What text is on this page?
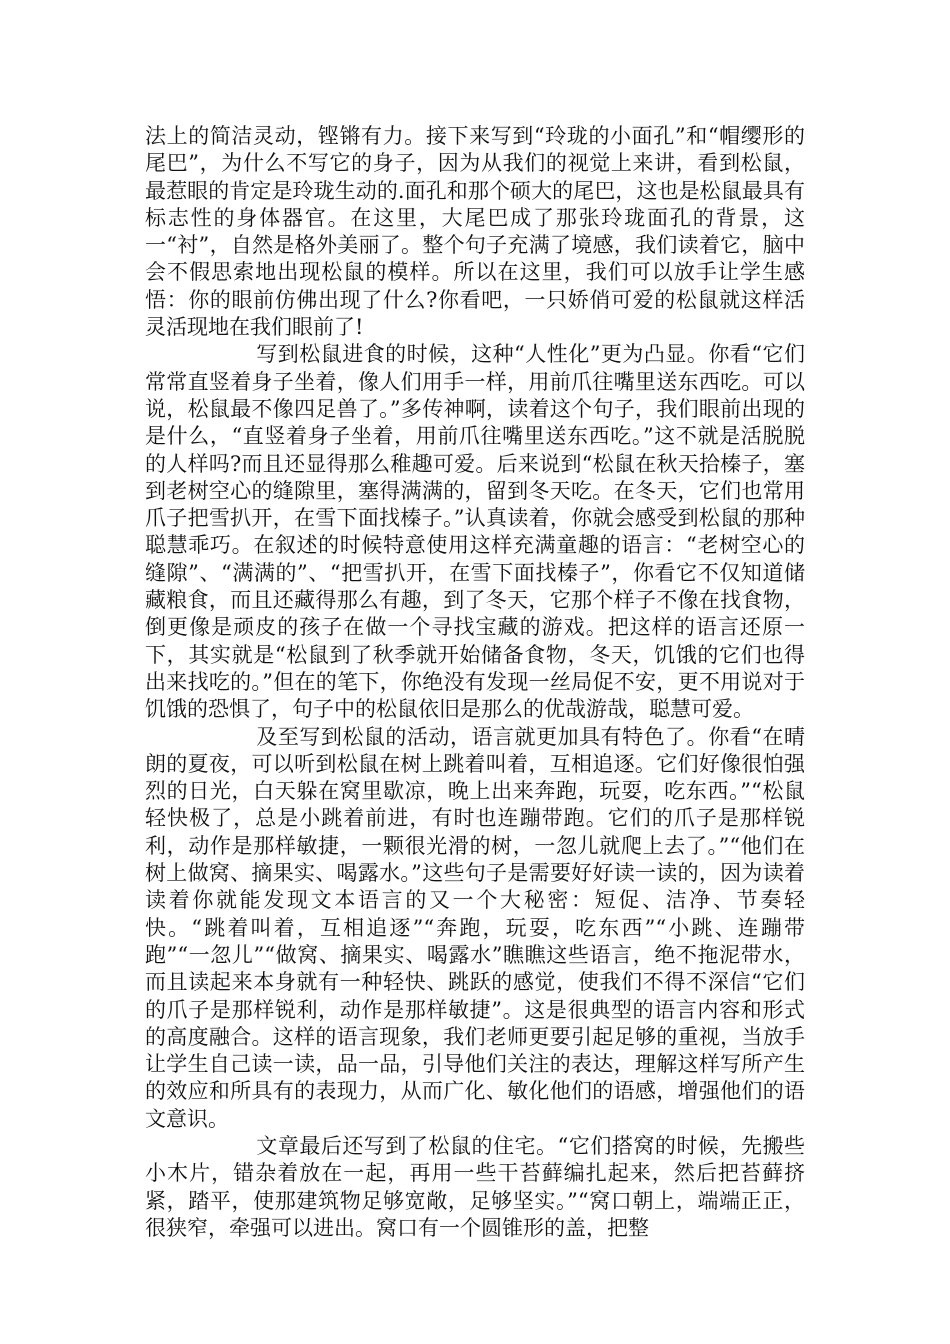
法上的简洁灵动，铿锵有力。接下来写到“玲珑的小面孔”和“帽缨形的尾巴”，为什么不写它的身子，因为从我们的视觉上来讲，看到松鼠，最惹眼的肯定是玲珑生动的.面孔和那个硕大的尾巴，这也是松鼠最具有标志性的身体器官。在这里，大尾巴成了那张玲珑面孔的背景，这一“衬”，自然是格外美丽了。整个句子充满了境感，我们读着它，脑中会不假思索地出现松鼠的模样。所以在这里，我们可以放手让学生感悟：你的眼前仿佛出现了什么?你看吧，一只娇俏可爱的松鼠就这样活灵活现地在我们眼前了!

写到松鼠进食的时候，这种“人性化”更为凸显。你看“它们常常直竖着身子坐着，像人们用手一样，用前爪往嘴里送东西吃。可以说，松鼠最不像四足兽了。”多传神啊，读着这个句子，我们眼前出现的是什么，“直竖着身子坐着，用前爪往嘴里送东西吃。”这不就是活脱脱的人样吗?而且还显得那么稚趣可爱。后来说到“松鼠在秋天拾榛子，塞到老树空心的缝隙里，塞得满满的，留到冬天吃。在冬天，它们也常用爪子把雪扒开，在雪下面找榛子。”认真读着，你就会感受到松鼠的那种聪慧乖巧。在叙述的时候特意使用这样充满童趣的语言：“老树空心的缝隙”、“满满的”、“把雪扒开，在雪下面找榛子”，你看它不仅知道储藏粮食，而且还藏得那么有趣，到了冬天，它那个样子不像在找食物，倒更像是顽皮的孩子在做一个寻找宝藏的游戏。把这样的语言还原一下，其实就是“松鼠到了秋季就开始储备食物，冬天，饥饿的它们也得出来找吃的。”但在的笔下，你绝没有发现一丝局促不安，更不用说对于饥饿的恐惧了，句子中的松鼠依旧是那么的优哉游哉，聪慧可爱。

及至写到松鼠的活动，语言就更加具有特色了。你看“在晴朗的夏夜，可以听到松鼠在树上跳着叫着，互相追逐。它们好像很怕强烈的日光，白天躲在窝里歇凉，晚上出来奔跑，玩耍，吃东西。”“松鼠轻快极了，总是小跳着前进，有时也连蹦带跑。它们的爪子是那样锐利，动作是那样敏捷，一颗很光滑的树，一忽儿就爬上去了。”“他们在树上做窝、摘果实、喝露水。”这些句子是需要好好读一读的，因为读着读着你就能发现文本语言的又一个大秘密：短促、洁净、节奏轻快。“跳着叫着，互相追逐”“奔跑，玩耍，吃东西”“小跳、连蹦带跑”“一忽儿”“做窝、摘果实、喝露水”瞧瞧这些语言，绝不拖泥带水，而且读起来本身就有一种轻快、跳跃的感觉，使我们不得不深信“它们的爪子是那样锐利，动作是那样敏捷”。这是很典型的语言内容和形式的高度融合。这样的语言现象，我们老师更要引起足够的重视，当放手让学生自己读一读，品一品，引导他们关注的表达，理解这样写所产生的效应和所具有的表现力，从而广化、敏化他们的语感，增强他们的语文意识。

文章最后还写到了松鼠的住宅。“它们搭窝的时候，先搬些小木片，错杂着放在一起，再用一些干苔藓编扎起来，然后把苔藓挤紧，踏平，使那建筑物足够宽敞，足够坚实。”“窝口朝上，端端正正，很狭窄，牵强可以进出。窝口有一个圆锥形的盖，把整
